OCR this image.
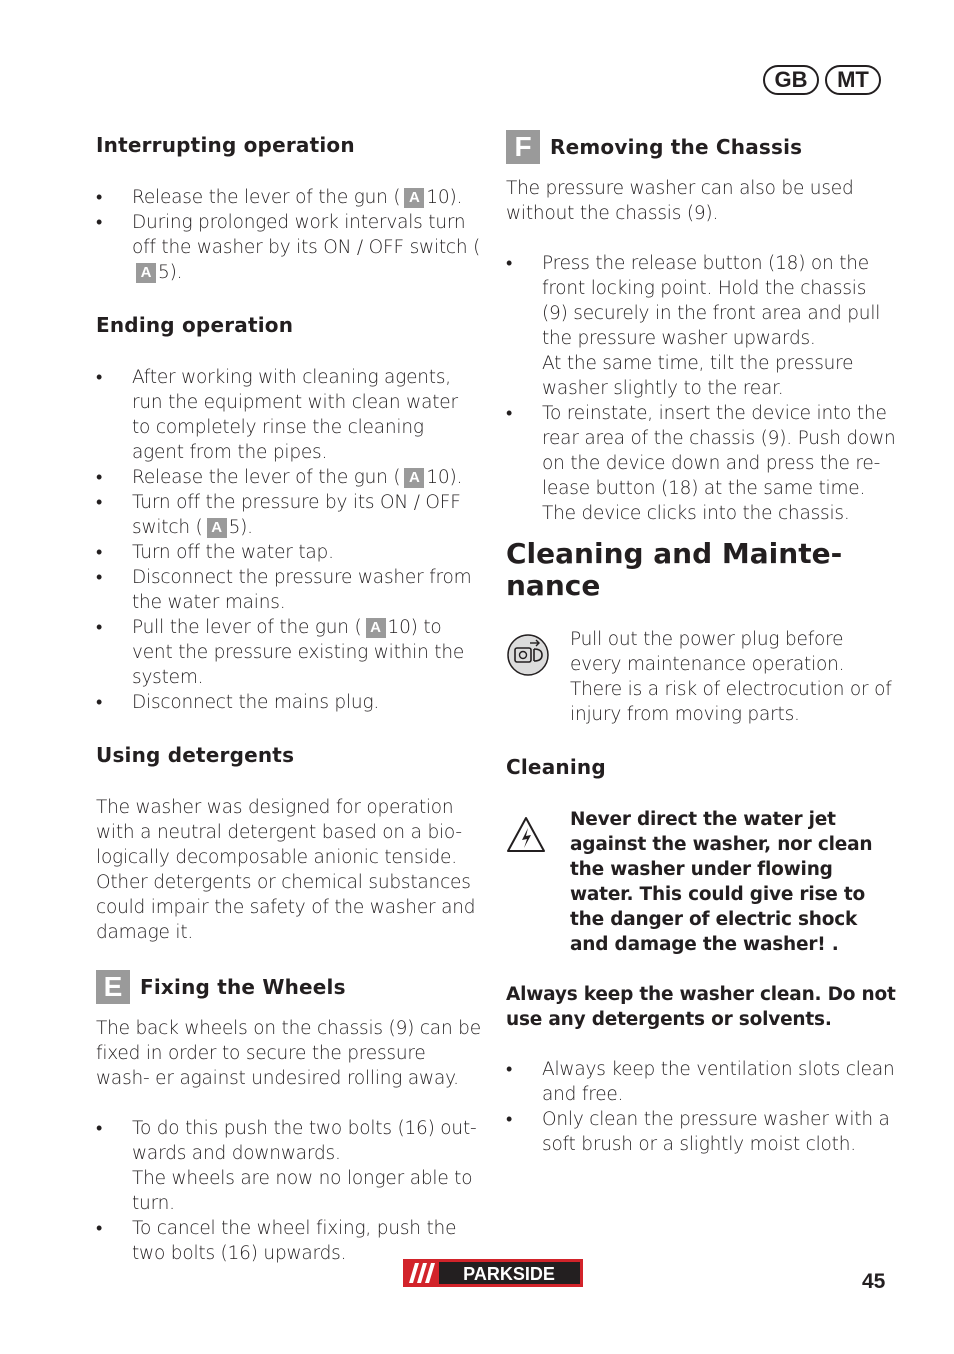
GB	MT
Interrupting operation
• Release the lever of the gun ( A 10).
• During prolonged work intervals turn off the washer by its ON / OFF switch (A 5).
Ending operation
• After working with cleaning agents, run the equipment with clean water to completely rinse the cleaning agent from the pipes.
• Release the lever of the gun ( A 10).
• Turn off the pressure by its ON / OFF switch ( A 5).
• Turn off the water tap.
• Disconnect the pressure washer from the water mains.
• Pull the lever of the gun ( A 10) to vent the pressure existing within the system.
• Disconnect the mains plug.
Using detergents

The washer was designed for operation with a neutral detergent based on a bio- logically decomposable anionic tenside. Other detergents or chemical substances could impair the safety of the washer and damage it.

E Fixing the Wheels

The back wheels on the chassis (9) can be fixed in order to secure the pressure wash- er against undesired rolling away.

• To do this push the two bolts (16) out- wards and downwards.
The wheels are now no longer able to turn.
• To cancel the wheel fixing, push the two bolts (16) upwards.
F Removing the Chassis

The pressure washer can also be used without the chassis (9).

• Press the release button (18) on the front locking point. Hold the chassis (9) securely in the front area and pull the pressure washer upwards.
At the same time, tilt the pressure washer slightly to the rear.
• To reinstate, insert the device into the rear area of the chassis (9). Push down on the device down and press the re- lease button (18) at the same time. The device clicks into the chassis.
Cleaning and Mainte-
nance

Pull out the power plug before every maintenance operation. There is a risk of electrocution or of injury from moving parts.

Cleaning

Never direct the water jet against the washer, nor clean the washer under flowing water. This could give rise to the danger of electric shock and damage the washer! .

Always keep the washer clean. Do not use any detergents or solvents.

• Always keep the ventilation slots clean and free.
• Only clean the pressure washer with a soft brush or a slightly moist cloth.
PARKSIDE	45
